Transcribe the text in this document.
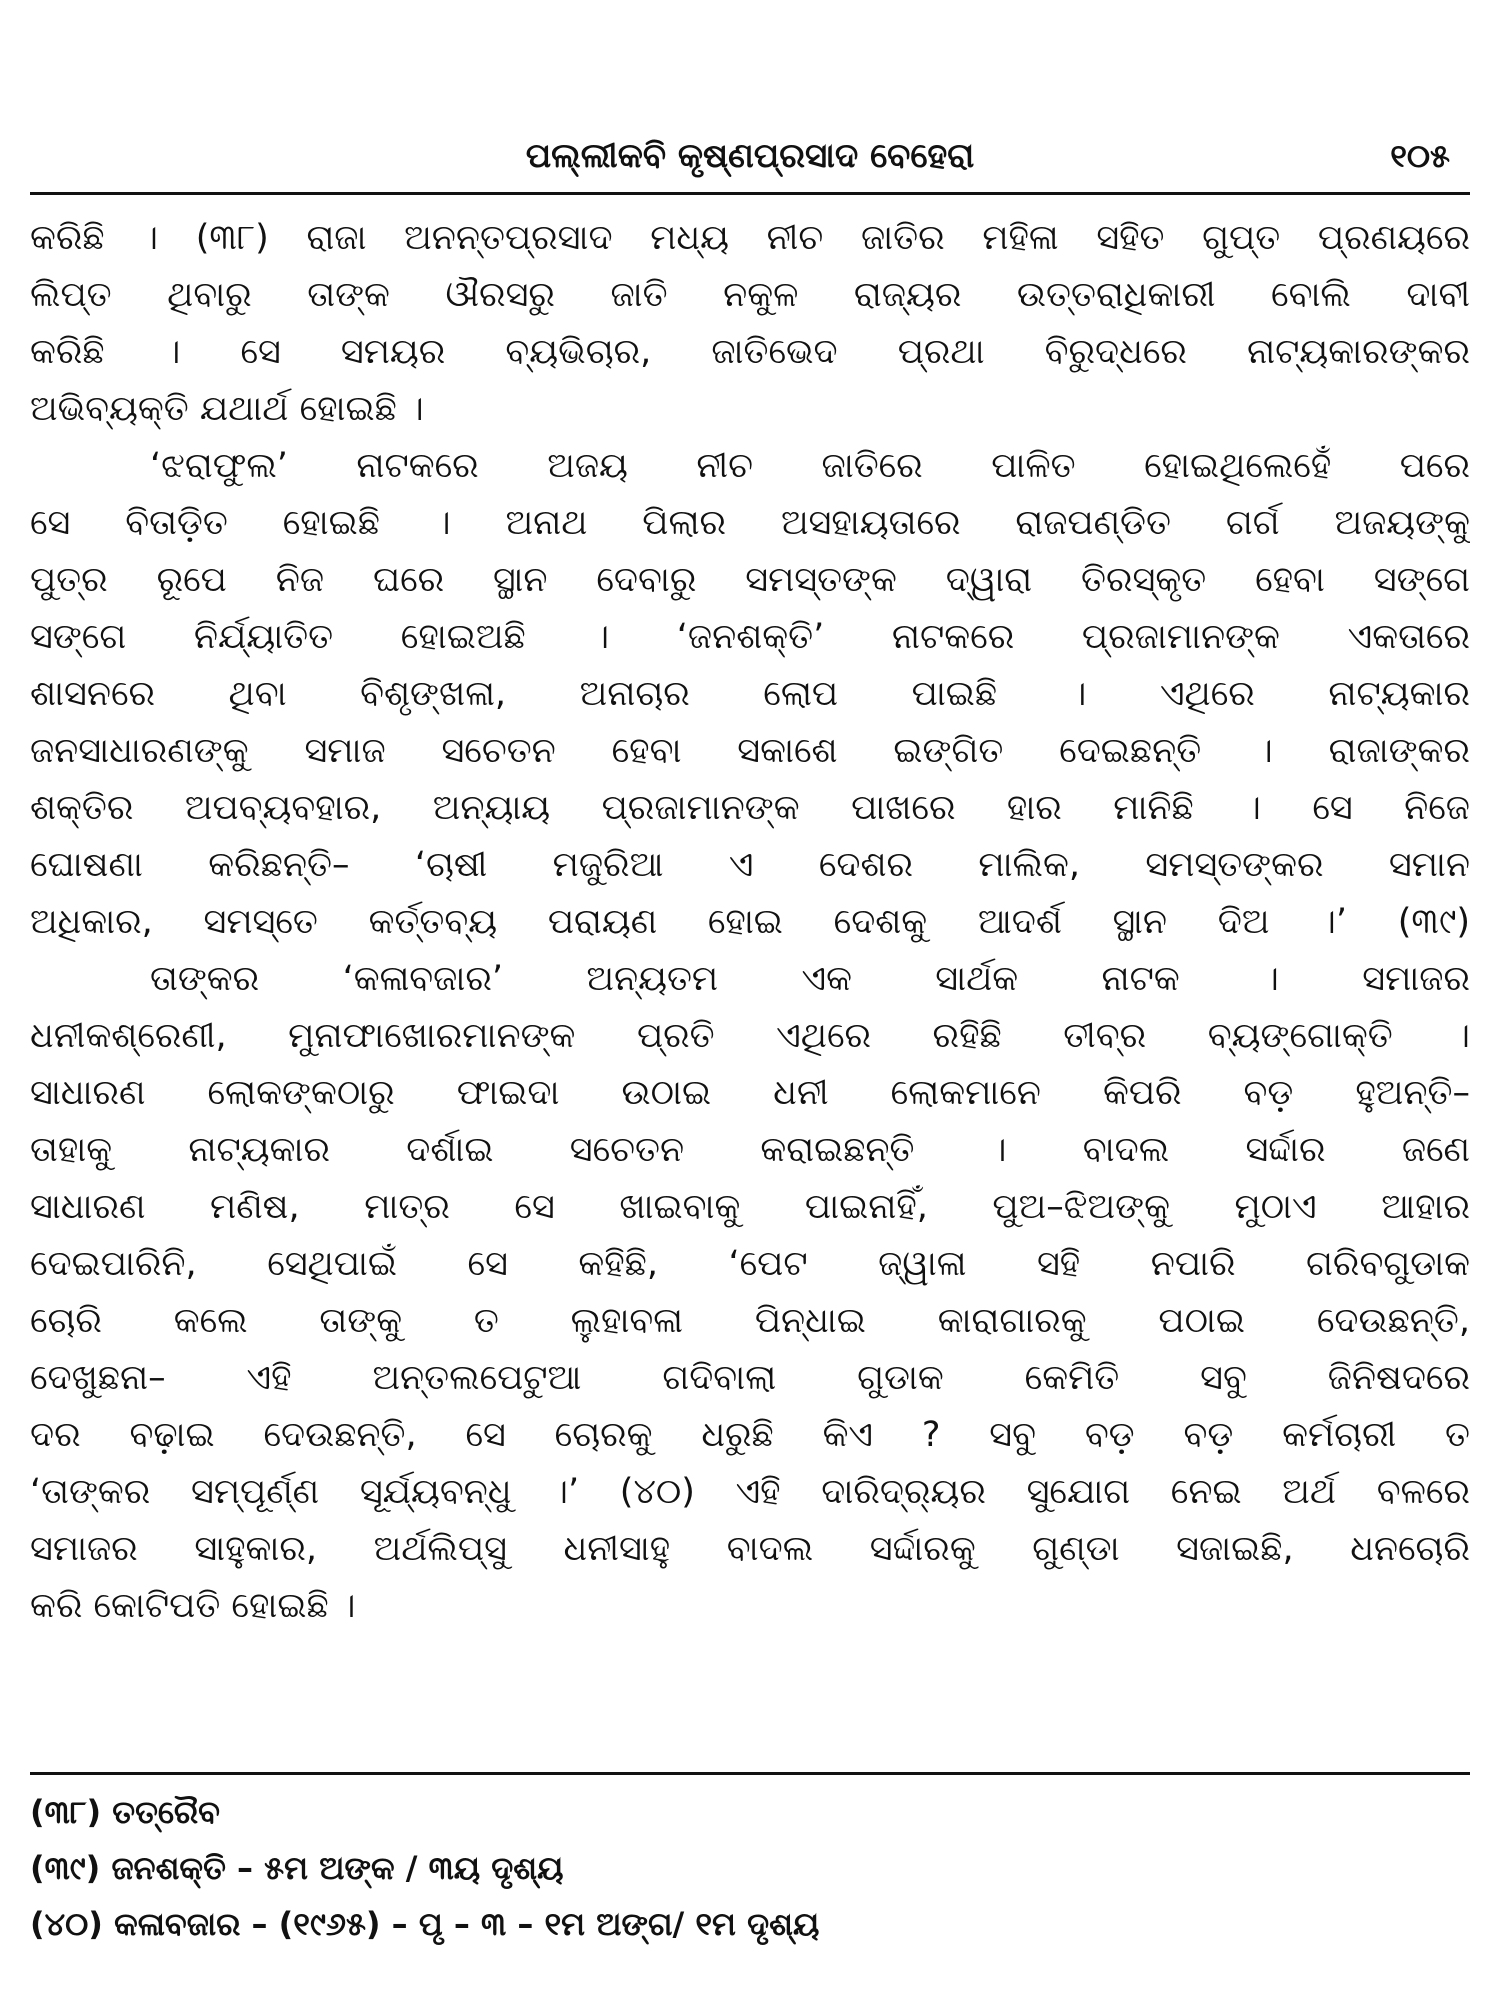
ପଲ୍ଲୀକବି କୃଷ୍ଣପ୍ରସାଦ ବେହେରା	୧୦୫
କରିଛି । (୩୮) ରାଜା ଅନନ୍ତପ୍ରସାଦ ମଧ୍ୟ ନୀଚ ଜାତିର ମହିଳା ସହିତ ଗୁପ୍ତ ପ୍ରଣୟରେ
ଲିପ୍ତ ଥିବାରୁ ତାଙ୍କ ଔରସରୁ ଜାତି ନକୁଳ ରାଜ୍ୟର ଉତ୍ତରାଧିକାରୀ ବୋଲି ଦାବୀ
କରିଛି । ସେ ସମୟର ବ୍ୟଭିଚାର, ଜାତିଭେଦ ପ୍ରଥା ବିରୁଦ୍ଧରେ ନାଟ୍ୟକାରଙ୍କର
ଅଭିବ୍ୟକ୍ତି ଯଥାର୍ଥ ହୋଇଛି ।
‘ଝରାଫୁଲ’ ନାଟକରେ ଅଜୟ ନୀଚ ଜାତିରେ ପାଳିତ ହୋଇଥିଲେହେଁ ପରେ
ସେ ବିତାଡ଼ିତ ହୋଇଛି । ଅନାଥ ପିଲାର ଅସହାୟତାରେ ରାଜପଣ୍ଡିତ ଗର୍ଗ ଅଜୟଙ୍କୁ
ପୁତ୍ର ରୂପେ ନିଜ ଘରେ ସ୍ଥାନ ଦେବାରୁ ସମସ୍ତଙ୍କ ଦ୍ୱାରା ତିରସ୍କୃତ ହେବା ସଙ୍ଗେ
ସଙ୍ଗେ ନିର୍ଯ୍ୟାତିତ ହୋଇଅଛି । ‘ଜନଶକ୍ତି’ ନାଟକରେ ପ୍ରଜାମାନଙ୍କ ଏକତାରେ
ଶାସନରେ ଥିବା ବିଶୃଙ୍ଖଳା, ଅନାଚାର ଲୋପ ପାଇଛି । ଏଥିରେ ନାଟ୍ୟକାର
ଜନସାଧାରଣଙ୍କୁ ସମାଜ ସଚେତନ ହେବା ସକାଶେ ଇଙ୍ଗିତ ଦେଇଛନ୍ତି । ରାଜାଙ୍କର
ଶକ୍ତିର ଅପବ୍ୟବହାର, ଅନ୍ୟାୟ ପ୍ରଜାମାନଙ୍କ ପାଖରେ ହାର ମାନିଛି । ସେ ନିଜେ
ଘୋଷଣା କରିଛନ୍ତି– ‘ଚାଷୀ ମଜୁରିଆ ଏ ଦେଶର ମାଲିକ, ସମସ୍ତଙ୍କର ସମାନ
ଅଧିକାର, ସମସ୍ତେ କର୍ତ୍ତବ୍ୟ ପରାୟଣ ହୋଇ ଦେଶକୁ ଆଦର୍ଶ ସ୍ଥାନ ଦିଅ ।’ (୩୯)
ତାଙ୍କର ‘କଳାବଜାର’ ଅନ୍ୟତମ ଏକ ସାର୍ଥକ ନାଟକ । ସମାଜର
ଧନୀକଶ୍ରେଣୀ, ମୁନାଫାଖୋରମାନଙ୍କ ପ୍ରତି ଏଥିରେ ରହିଛି ତୀବ୍ର ବ୍ୟଙ୍ଗୋକ୍ତି ।
ସାଧାରଣ ଲୋକଙ୍କଠାରୁ ଫାଇଦା ଉଠାଇ ଧନୀ ଲୋକମାନେ କିପରି ବଡ଼ ହୁଅନ୍ତି–
ତାହାକୁ ନାଟ୍ୟକାର ଦର୍ଶାଇ ସଚେତନ କରାଇଛନ୍ତି । ବାଦଲ ସର୍ଦ୍ଦାର ଜଣେ
ସାଧାରଣ ମଣିଷ, ମାତ୍ର ସେ ଖାଇବାକୁ ପାଇନାହିଁ, ପୁଅ–ଝିଅଙ୍କୁ ମୁଠାଏ ଆହାର
ଦେଇପାରିନି, ସେଥିପାଇଁ ସେ କହିଛି, ‘ପେଟ ଜ୍ୱାଳା ସହି ନପାରି ଗରିବଗୁଡାକ
ଚୋରି କଲେ ତାଙ୍କୁ ତ ଲୁହାବଳା ପିନ୍ଧାଇ କାରାଗାରକୁ ପଠାଇ ଦେଉଛନ୍ତି,
ଦେଖୁଛନା– ଏହି ଅନ୍ତଲପେଟୁଆ ଗଦିବାଲା ଗୁଡାକ କେମିତି ସବୁ ଜିନିଷଦରେ
ଦର ବଢ଼ାଇ ଦେଉଛନ୍ତି, ସେ ଚୋରକୁ ଧରୁଛି କିଏ ? ସବୁ ବଡ଼ ବଡ଼ କର୍ମଚାରୀ ତ
‘ତାଙ୍କର ସମ୍ପୂର୍ଣ୍ଣ ସୂର୍ଯ୍ୟବନ୍ଧୁ ।’ (୪୦) ଏହି ଦାରିଦ୍ର୍ୟର ସୁଯୋଗ ନେଇ ଅର୍ଥ ବଳରେ
ସମାଜର ସାହୁକାର, ଅର୍ଥଲିପ୍ସୁ ଧନୀସାହୁ ବାଦଲ ସର୍ଦ୍ଦାରକୁ ଗୁଣ୍ଡା ସଜାଇଛି, ଧନଚୋରି
କରି କୋଟିପତି ହୋଇଛି ।
(୩୮) ତତ୍ରୈବ
(୩୯) ଜନଶକ୍ତି – ୫ମ ଅଙ୍କ / ୩ୟ ଦୃଶ୍ୟ
(୪୦) କଳାବଜାର – (୧୯୬୫) – ପୃ – ୩ – ୧ମ ଅଙ୍ଗ/ ୧ମ ଦୃଶ୍ୟ
